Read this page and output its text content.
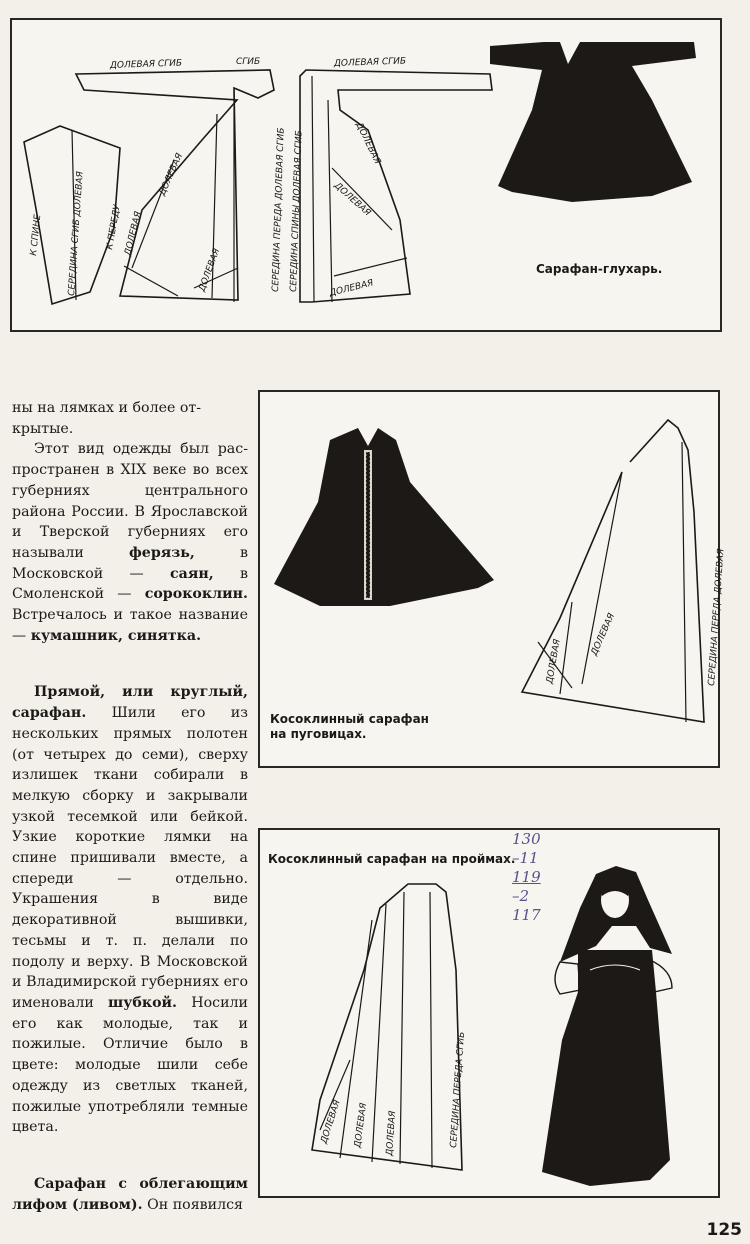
ДОЛЕВАЯ СГИБ	СГИБ	ДОЛЕВАЯ СГИБ
К СПИНЕ	СЕРЕДИНА СГИБ ДОЛЕВАЯ К ПЕРЕДУ
ДОЛЕВАЯ
ДОЛЕВАЯ
ДОЛЕВАЯ	СЕРЕДИНА ПЕРЕДА ДОЛЕВАЯ СГИБ СЕРЕДИНА СПИНЫ ДОЛЕВАЯ СГИБ	ДОЛЕВАЯ
ДОЛЕВАЯ
ДОЛЕВАЯ
Сарафан-глухарь.
ДОЛЕВАЯ
ДОЛЕВАЯ	СЕРЕДИНА ПЕРЕДА ДОЛЕВАЯ
Косоклинный сарафан
на пуговицах.
Косоклинный сарафан на проймах.
130
–11
119
–2
117
ДОЛЕВАЯ ДОЛЕВАЯ ДОЛЕВАЯ	СЕРЕДИНА ПЕРЕДА СГИБ

ны на лямках и более от-
крытые.

Этот вид одежды был рас-пространен в XIX веке во всех губерниях центрального района России. В Ярославской и Тверской губерниях его называли ферязь, в Московской — саян, в Смоленской — сорококлин. Встречалось и такое название — кумашник, синятка.

Прямой, или круглый, сарафан. Шили его из нескольких прямых полотен (от четырех до семи), сверху излишек ткани собирали в мелкую сборку и закрывали узкой тесемкой или бейкой. Узкие короткие лямки на спине пришивали вместе, а спереди — отдельно. Украшения в виде декоративной вышивки, тесьмы и т. п. делали по подолу и верху. В Московской и Владимирской губерниях его именовали шубкой. Носили его как молодые, так и пожилые. Отличие было в цвете: молодые шили себе одежду из светлых тканей, пожилые употребляли темные цвета.

Сарафан с облегающим лифом (ливом). Он появился

125
